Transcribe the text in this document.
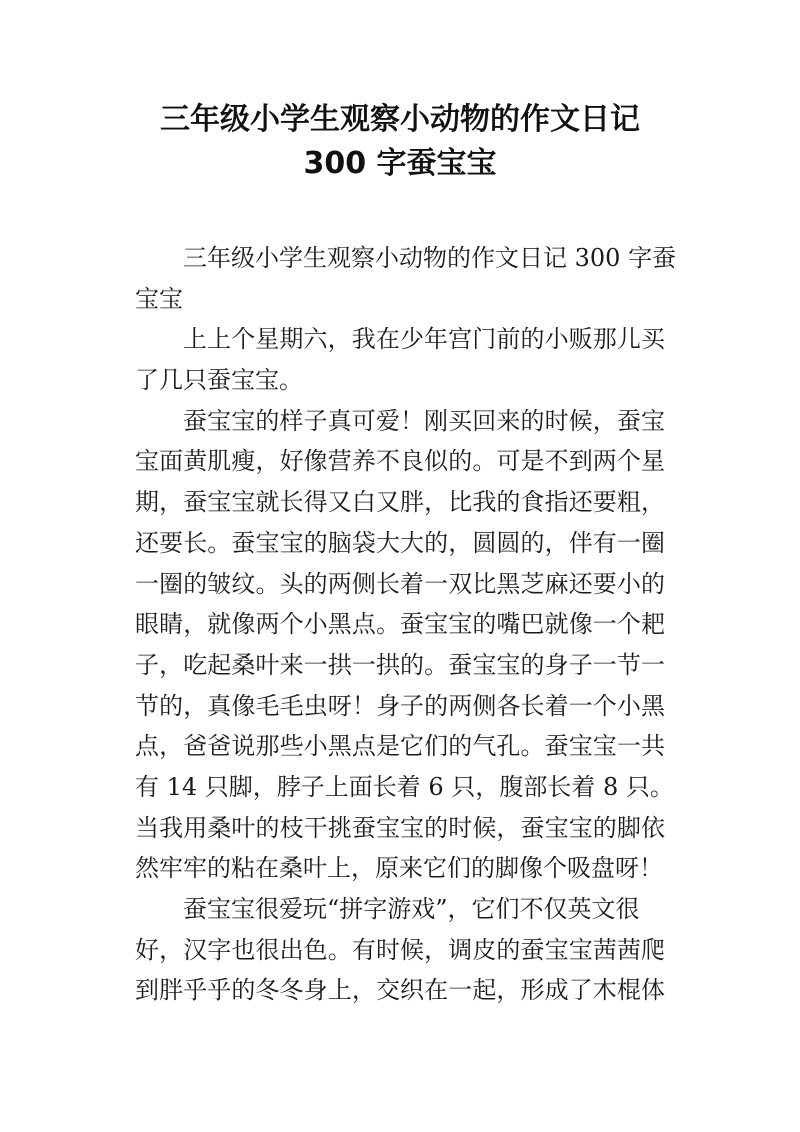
三年级小学生观察小动物的作文日记
300 字蚕宝宝
三年级小学生观察小动物的作文日记 300 字蚕
宝宝
上上个星期六，我在少年宫门前的小贩那儿买
了几只蚕宝宝。
蚕宝宝的样子真可爱！刚买回来的时候，蚕宝
宝面黄肌瘦，好像营养不良似的。可是不到两个星
期，蚕宝宝就长得又白又胖，比我的食指还要粗，
还要长。蚕宝宝的脑袋大大的，圆圆的，伴有一圈
一圈的皱纹。头的两侧长着一双比黑芝麻还要小的
眼睛，就像两个小黑点。蚕宝宝的嘴巴就像一个耙
子，吃起桑叶来一拱一拱的。蚕宝宝的身子一节一
节的，真像毛毛虫呀！身子的两侧各长着一个小黑
点，爸爸说那些小黑点是它们的气孔。蚕宝宝一共
有 14 只脚，脖子上面长着 6 只，腹部长着 8 只。
当我用桑叶的枝干挑蚕宝宝的时候，蚕宝宝的脚依
然牢牢的粘在桑叶上，原来它们的脚像个吸盘呀！
蚕宝宝很爱玩“拼字游戏”，它们不仅英文很
好，汉字也很出色。有时候，调皮的蚕宝宝茜茜爬
到胖乎乎的冬冬身上，交织在一起，形成了木棍体
